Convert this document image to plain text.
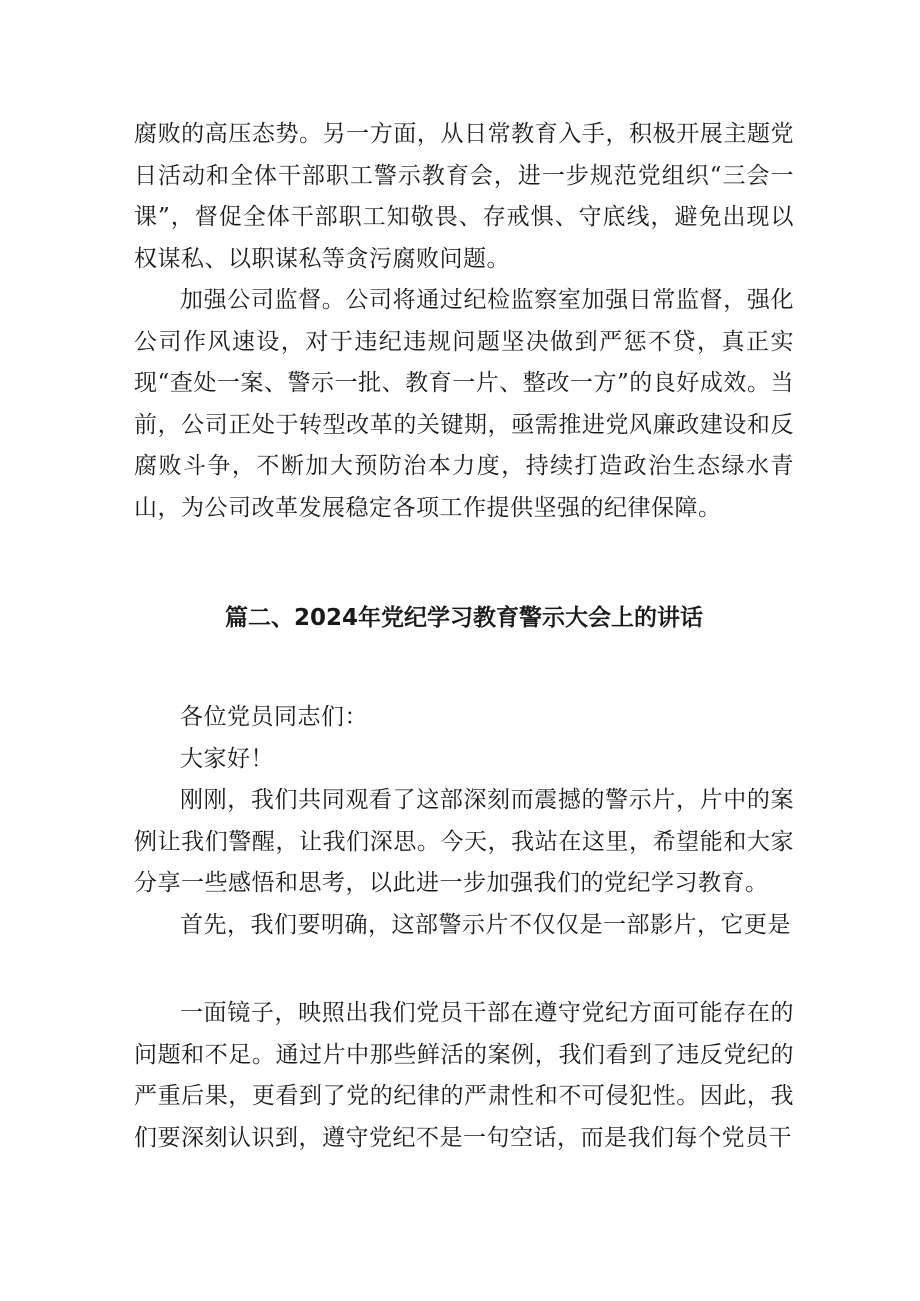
腐败的高压态势。另一方面，从日常教育入手，积极开展主题党日活动和全体干部职工警示教育会，进一步规范党组织“三会一课”，督促全体干部职工知敬畏、存戒惧、守底线，避免出现以权谋私、以职谋私等贪污腐败问题。

加强公司监督。公司将通过纪检监察室加强日常监督，强化公司作风速设，对于违纪违规问题坚决做到严惩不贷，真正实现“查处一案、警示一批、教育一片、整改一方”的良好成效。当前，公司正处于转型改革的关键期，亟需推进党风廉政建设和反腐败斗争，不断加大预防治本力度，持续打造政治生态绿水青山，为公司改革发展稳定各项工作提供坚强的纪律保障。

篇二、2024年党纪学习教育警示大会上的讲话

各位党员同志们：

大家好！

刚刚，我们共同观看了这部深刻而震撼的警示片，片中的案例让我们警醒，让我们深思。今天，我站在这里，希望能和大家分享一些感悟和思考，以此进一步加强我们的党纪学习教育。

首先，我们要明确，这部警示片不仅仅是一部影片，它更是

一面镜子，映照出我们党员干部在遵守党纪方面可能存在的问题和不足。通过片中那些鲜活的案例，我们看到了违反党纪的严重后果，更看到了党的纪律的严肃性和不可侵犯性。因此，我们要深刻认识到，遵守党纪不是一句空话，而是我们每个党员干
